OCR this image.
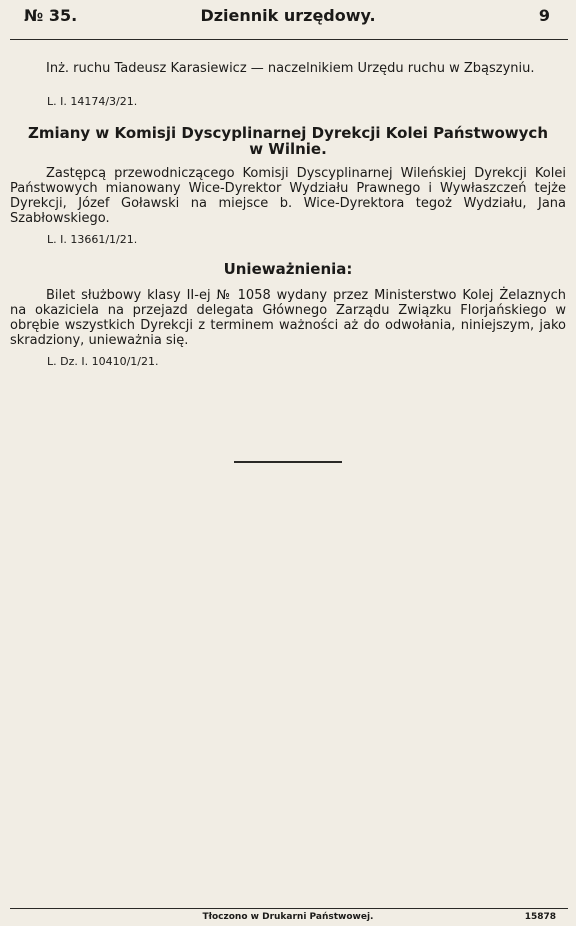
№ 35.	Dziennik urzędowy.	9
Inż. ruchu Tadeusz Karasiewicz — naczelnikiem Urzędu ruchu w Zbąszyniu.
L. I. 14174/3/21.
Zmiany w Komisji Dyscyplinarnej Dyrekcji Kolei Państwowych
w Wilnie.
Zastępcą przewodniczącego Komisji Dyscyplinarnej Wileńskiej Dyrekcji Kolei Państwowych mianowany Wice-Dyrektor Wydziału Prawnego i Wywłaszczeń tejże Dyrekcji, Józef Goławski na miejsce b. Wice-Dyrektora tegoż Wydziału, Jana Szabłowskiego.
L. I. 13661/1/21.
Unieważnienia:
Bilet służbowy klasy II-ej № 1058 wydany przez Ministerstwo Kolej Żelaznych na okaziciela na przejazd delegata Głównego Zarządu Związku Florjańskiego w obrębie wszystkich Dyrekcji z terminem ważności aż do odwołania, niniejszym, jako skradziony, unieważnia się.
L. Dz. I. 10410/1/21.
Tłoczono w Drukarni Państwowej.	15878
